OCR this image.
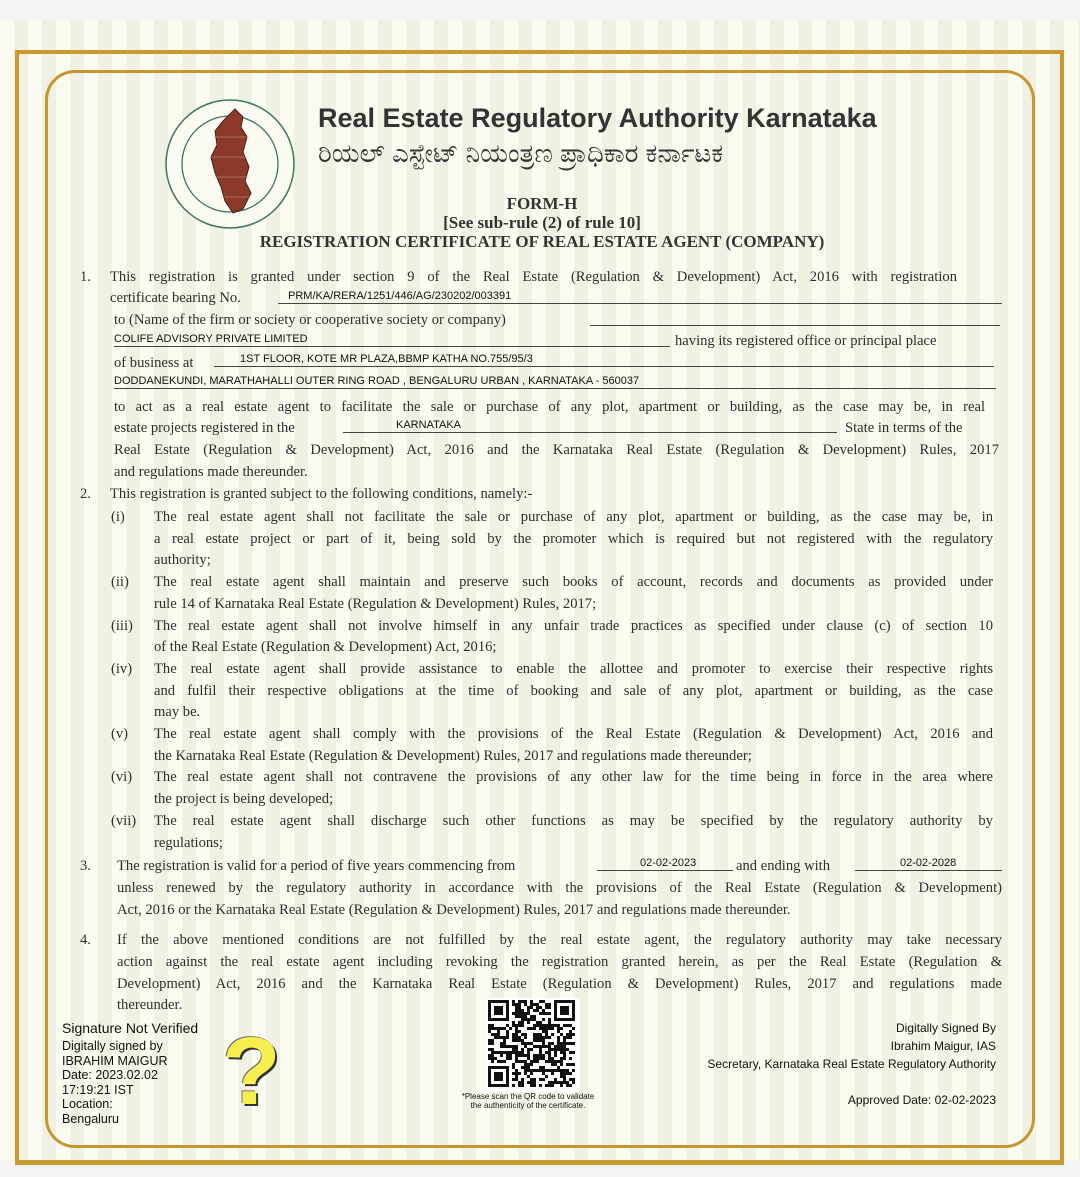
Real Estate Regulatory Authority Karnataka
ರಿಯಲ್ ಎಸ್ಟೇಟ್ ನಿಯಂತ್ರಣ ಪ್ರಾಧಿಕಾರ ಕರ್ನಾಟಕ
FORM-H
[See sub-rule (2) of rule 10]
REGISTRATION CERTIFICATE OF REAL ESTATE AGENT (COMPANY)
1. This registration is granted under section 9 of the Real Estate (Regulation & Development) Act, 2016 with registration
certificate bearing No.	PRM/KA/RERA/1251/446/AG/230202/003391
to (Name of the firm or society or cooperative society or company)
COLIFE ADVISORY PRIVATE LIMITED	having its registered office or principal place
of business at	1ST FLOOR, KOTE MR PLAZA,BBMP KATHA NO.755/95/3
DODDANEKUNDI, MARATHAHALLI OUTER RING ROAD , BENGALURU URBAN , KARNATAKA - 560037
to act as a real estate agent to facilitate the sale or purchase of any plot, apartment or building, as the case may be, in real
estate projects registered in the	KARNATAKA	State in terms of the
Real Estate (Regulation & Development) Act, 2016 and the Karnataka Real Estate (Regulation & Development) Rules, 2017
and regulations made thereunder.
2. This registration is granted subject to the following conditions, namely:-
(i) The real estate agent shall not facilitate the sale or purchase of any plot, apartment or building, as the case may be, in
a real estate project or part of it, being sold by the promoter which is required but not registered with the regulatory
authority;
(ii) The real estate agent shall maintain and preserve such books of account, records and documents as provided under
rule 14 of Karnataka Real Estate (Regulation & Development) Rules, 2017;
(iii) The real estate agent shall not involve himself in any unfair trade practices as specified under clause (c) of section 10
of the Real Estate (Regulation & Development) Act, 2016;
(iv) The real estate agent shall provide assistance to enable the allottee and promoter to exercise their respective rights
and fulfil their respective obligations at the time of booking and sale of any plot, apartment or building, as the case
may be.
(v) The real estate agent shall comply with the provisions of the Real Estate (Regulation & Development) Act, 2016 and
the Karnataka Real Estate (Regulation & Development) Rules, 2017 and regulations made thereunder;
(vi) The real estate agent shall not contravene the provisions of any other law for the time being in force in the area where
the project is being developed;
(vii) The real estate agent shall discharge such other functions as may be specified by the regulatory authority by
regulations;
3. The registration is valid for a period of five years commencing from	02-02-2023	and ending with	02-02-2028
unless renewed by the regulatory authority in accordance with the provisions of the Real Estate (Regulation & Development)
Act, 2016 or the Karnataka Real Estate (Regulation & Development) Rules, 2017 and regulations made thereunder.
4. If the above mentioned conditions are not fulfilled by the real estate agent, the regulatory authority may take necessary
action against the real estate agent including revoking the registration granted herein, as per the Real Estate (Regulation &
Development) Act, 2016 and the Karnataka Real Estate (Regulation & Development) Rules, 2017 and regulations made
thereunder.
Signature Not Verified
Digitally signed by
IBRAHIM MAIGUR
Date: 2023.02.02
17:19:21 IST
Location:
Bengaluru	?	*Please scan the QR code to validate
the authenticity of the certificate.
Digitally Signed By
Ibrahim Maigur, IAS
Secretary, Karnataka Real Estate Regulatory Authority
Approved Date: 02-02-2023
